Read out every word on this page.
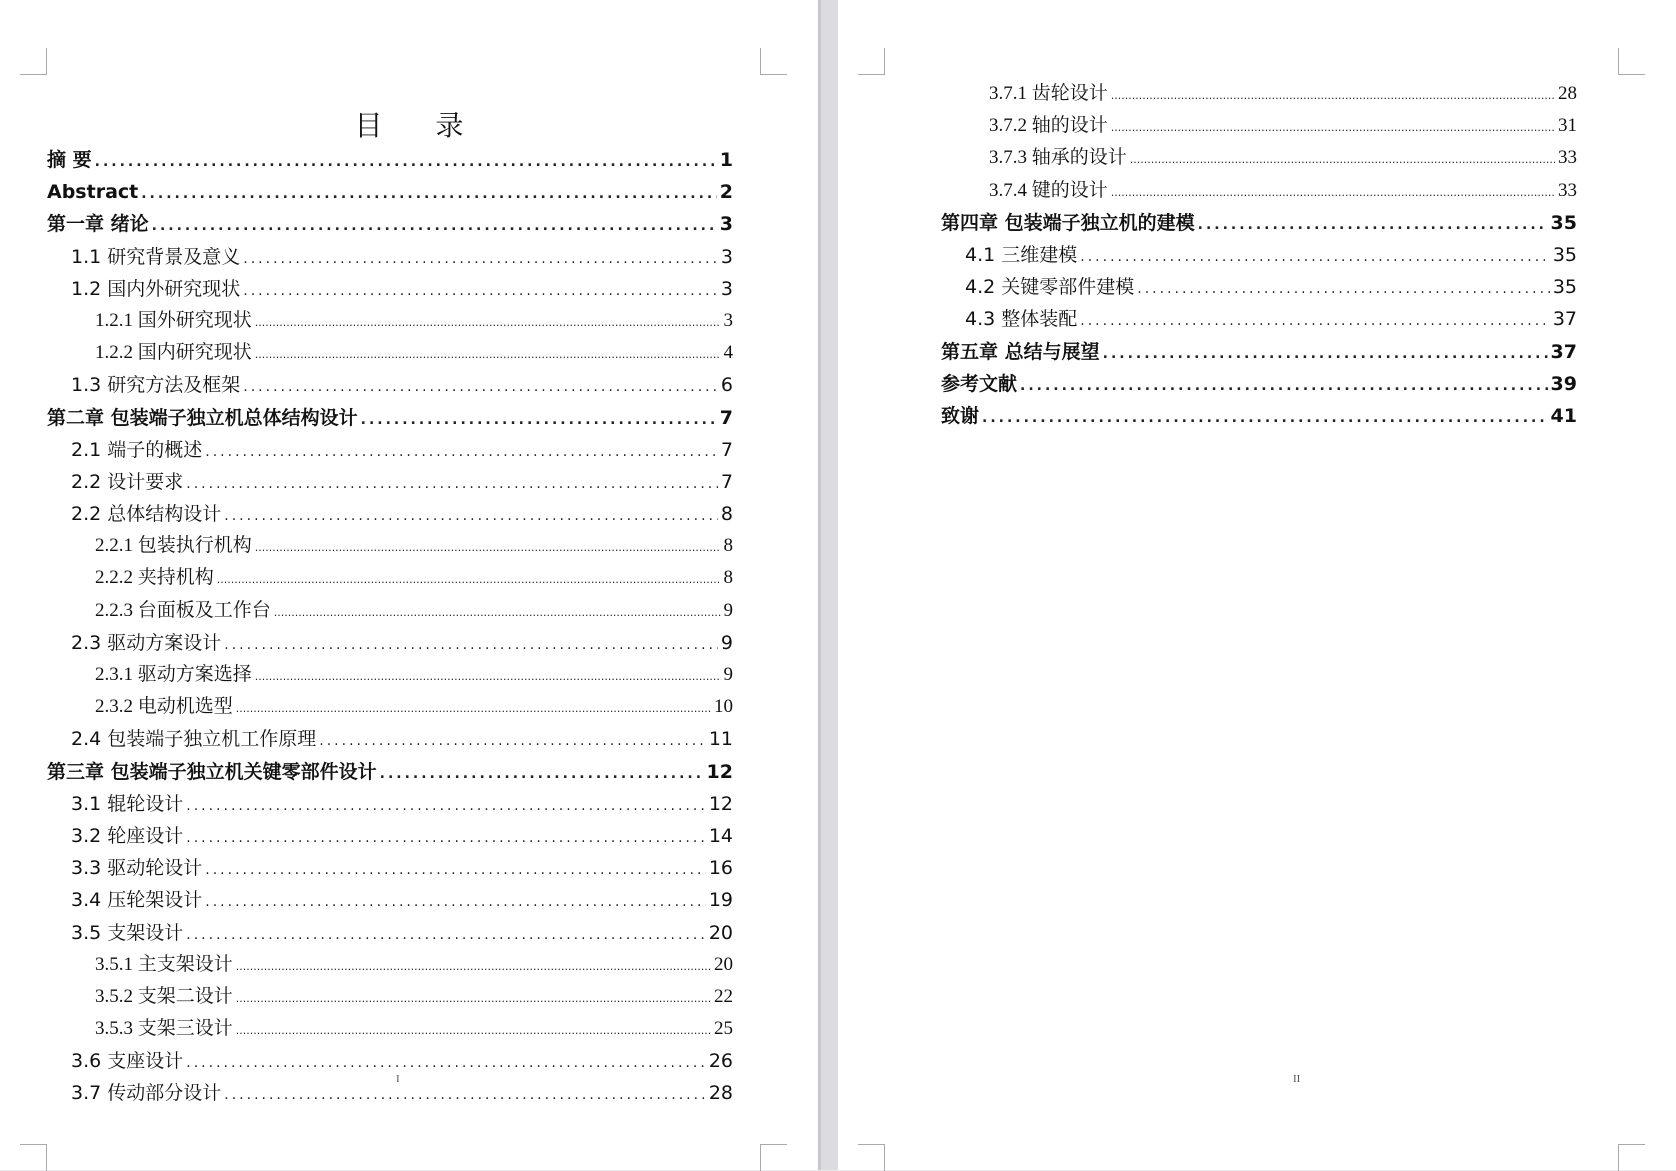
目 录
摘 要 .....	1
Abstract .....	2
第一章 绪论 .....	3
1.1 研究背景及意义 .....	3
1.2 国内外研究现状 .....	3
1.2.1 国外研究现状 .....	3
1.2.2 国内研究现状 .....	4
1.3 研究方法及框架 .....	6
第二章 包装端子独立机总体结构设计 .....	7
2.1 端子的概述 .....	7
2.2 设计要求 .....	7
2.2 总体结构设计 .....	8
2.2.1 包装执行机构 .....	8
2.2.2 夹持机构 .....	8
2.2.3 台面板及工作台 .....	9
2.3 驱动方案设计 .....	9
2.3.1 驱动方案选择 .....	9
2.3.2 电动机选型 .....	10
2.4 包装端子独立机工作原理 .....	11
第三章 包装端子独立机关键零部件设计 .....	12
3.1 辊轮设计 .....	12
3.2 轮座设计 .....	14
3.3 驱动轮设计 .....	16
3.4 压轮架设计 .....	19
3.5 支架设计 .....	20
3.5.1 主支架设计 .....	20
3.5.2 支架二设计 .....	22
3.5.3 支架三设计 .....	25
3.6 支座设计 .....	26
3.7 传动部分设计 .....	28
I
3.7.1 齿轮设计 .....	28
3.7.2 轴的设计 .....	31
3.7.3 轴承的设计 .....	33
3.7.4 键的设计 .....	33
第四章 包装端子独立机的建模 .....	35
4.1 三维建模 .....	35
4.2 关键零部件建模 .....	35
4.3 整体装配 .....	37
第五章 总结与展望 .....	37
参考文献 .....	39
致谢 .....	41
II
